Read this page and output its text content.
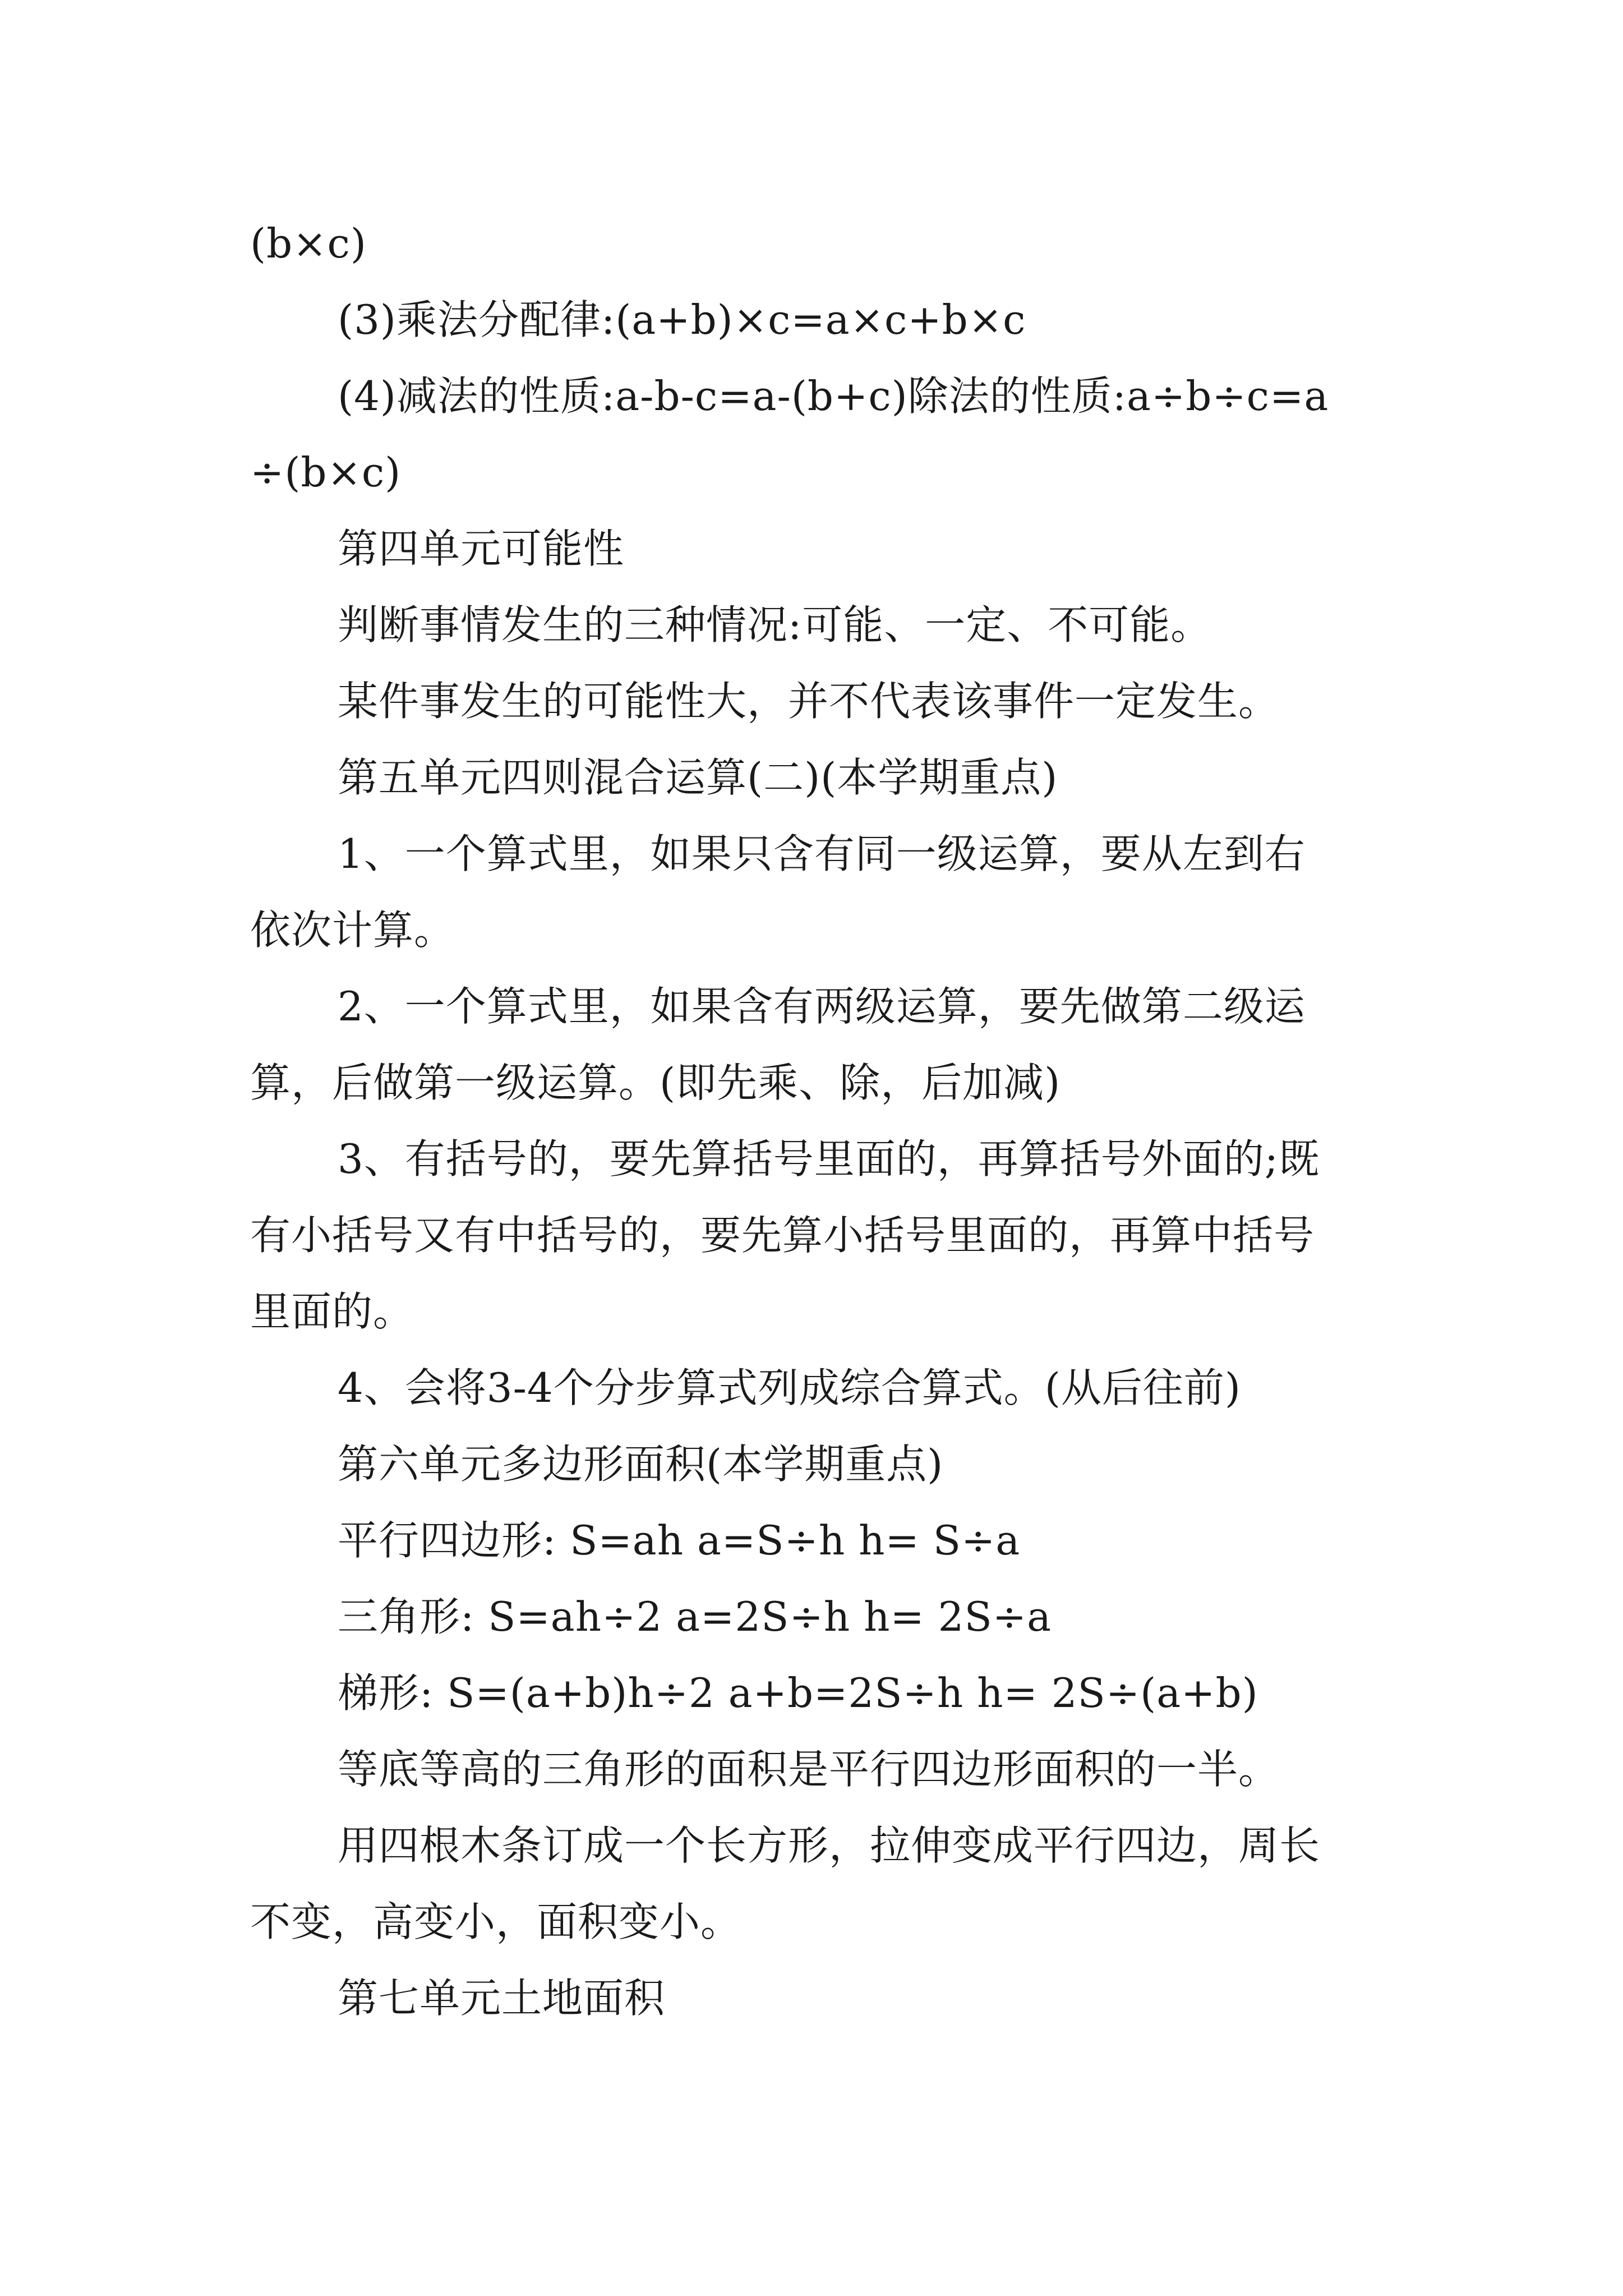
(b×c)
(3)乘法分配律:(a+b)×c=a×c+b×c
(4)减法的性质:a-b-c=a-(b+c)除法的性质:a÷b÷c=a
÷(b×c)
第四单元可能性
判断事情发生的三种情况:可能、一定、不可能。
某件事发生的可能性大，并不代表该事件一定发生。
第五单元四则混合运算(二)(本学期重点)
1、一个算式里，如果只含有同一级运算，要从左到右
依次计算。
2、一个算式里，如果含有两级运算，要先做第二级运
算，后做第一级运算。(即先乘、除，后加减)
3、有括号的，要先算括号里面的，再算括号外面的;既
有小括号又有中括号的，要先算小括号里面的，再算中括号
里面的。
4、会将3-4个分步算式列成综合算式。(从后往前)
第六单元多边形面积(本学期重点)
平行四边形: S=ah a=S÷h h= S÷a
三角形: S=ah÷2 a=2S÷h h= 2S÷a
梯形: S=(a+b)h÷2 a+b=2S÷h h= 2S÷(a+b)
等底等高的三角形的面积是平行四边形面积的一半。
用四根木条订成一个长方形，拉伸变成平行四边，周长
不变，高变小，面积变小。
第七单元土地面积
